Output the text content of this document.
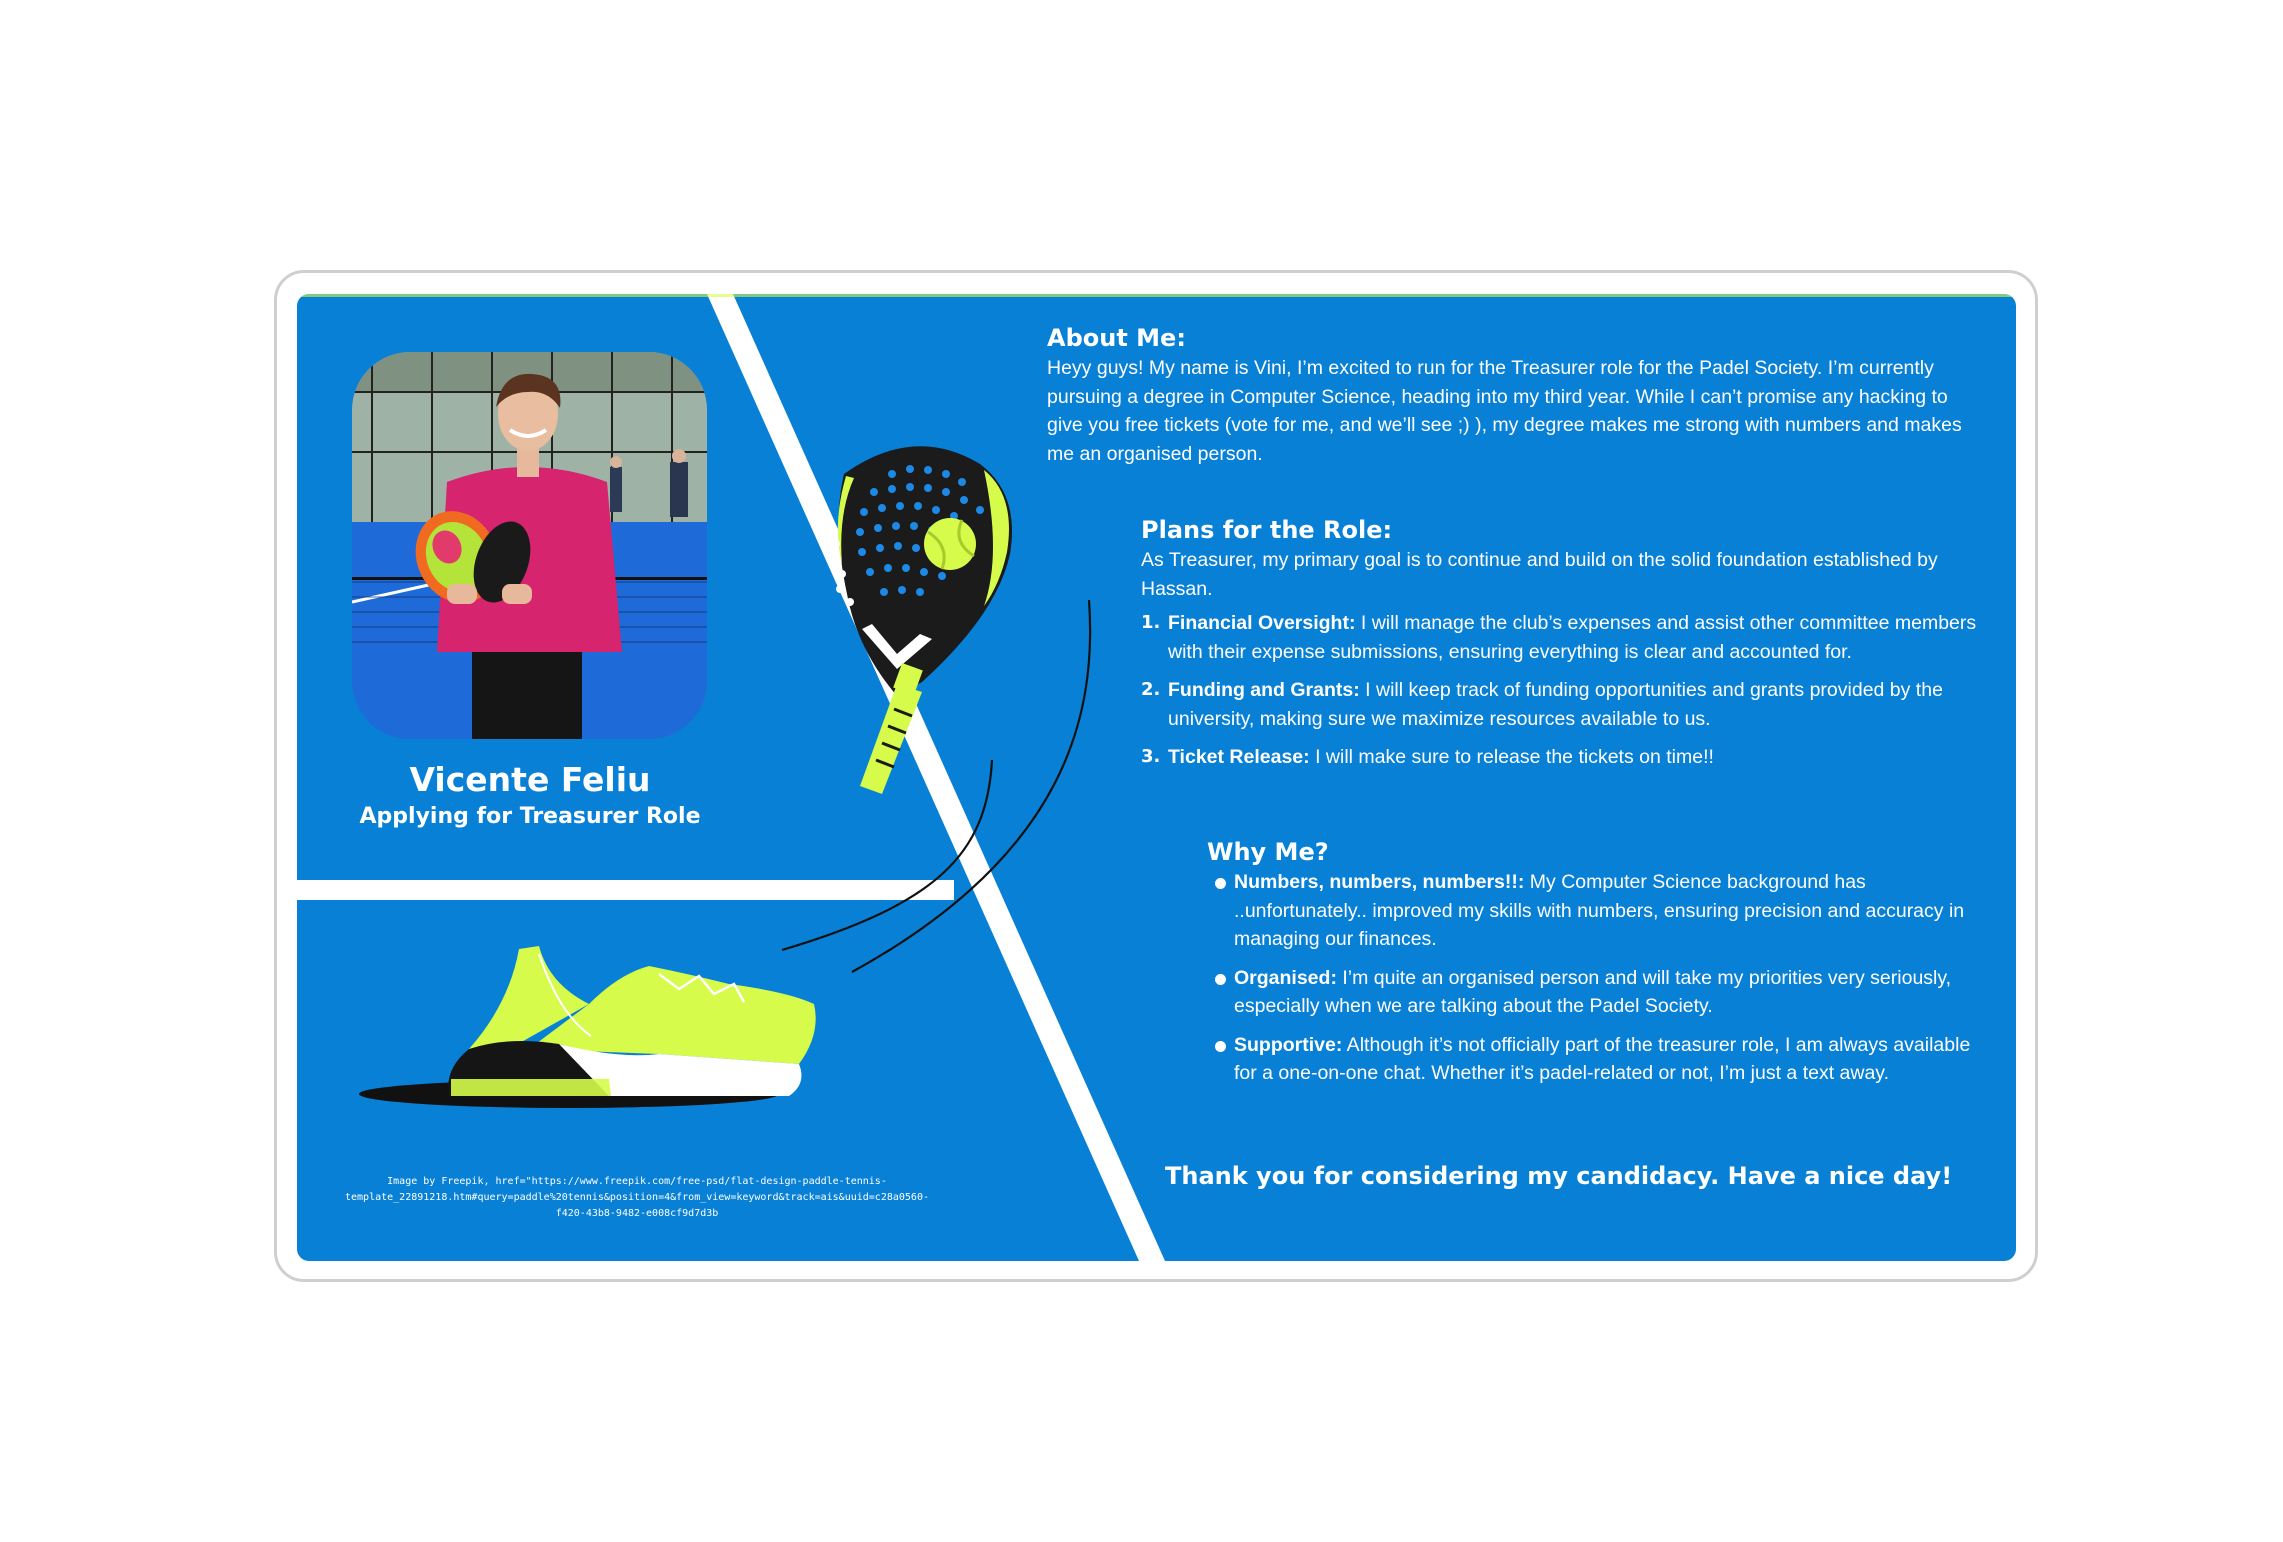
Vicente Feliu
Applying for Treasurer Role
Image by Freepik, href="https://www.freepik.com/free-psd/flat-design-paddle-tennis-template_22891218.htm#query=paddle%20tennis&position=4&from_view=keyword&track=ais&uuid=c28a0560-f420-43b8-9482-e008cf9d7d3b

About Me:

Heyy guys! My name is Vini, I’m excited to run for the Treasurer role for the Padel Society. I’m currently pursuing a degree in Computer Science, heading into my third year. While I can’t promise any hacking to give you free tickets (vote for me, and we’ll see ;) ), my degree makes me strong with numbers and makes me an organised person.

Plans for the Role:

As Treasurer, my primary goal is to continue and build on the solid foundation established by Hassan.

1. Financial Oversight: I will manage the club’s expenses and assist other committee members with their expense submissions, ensuring everything is clear and accounted for.
2. Funding and Grants: I will keep track of funding opportunities and grants provided by the university, making sure we maximize resources available to us.
3. Ticket Release: I will make sure to release the tickets on time!!

Why Me?

Numbers, numbers, numbers!!: My Computer Science background has ..unfortunately.. improved my skills with numbers, ensuring precision and accuracy in managing our finances.
Organised: I’m quite an organised person and will take my priorities very seriously, especially when we are talking about the Padel Society.
Supportive: Although it’s not officially part of the treasurer role, I am always available for a one-on-one chat. Whether it’s padel-related or not, I’m just a text away.
Thank you for considering my candidacy. Have a nice day!
